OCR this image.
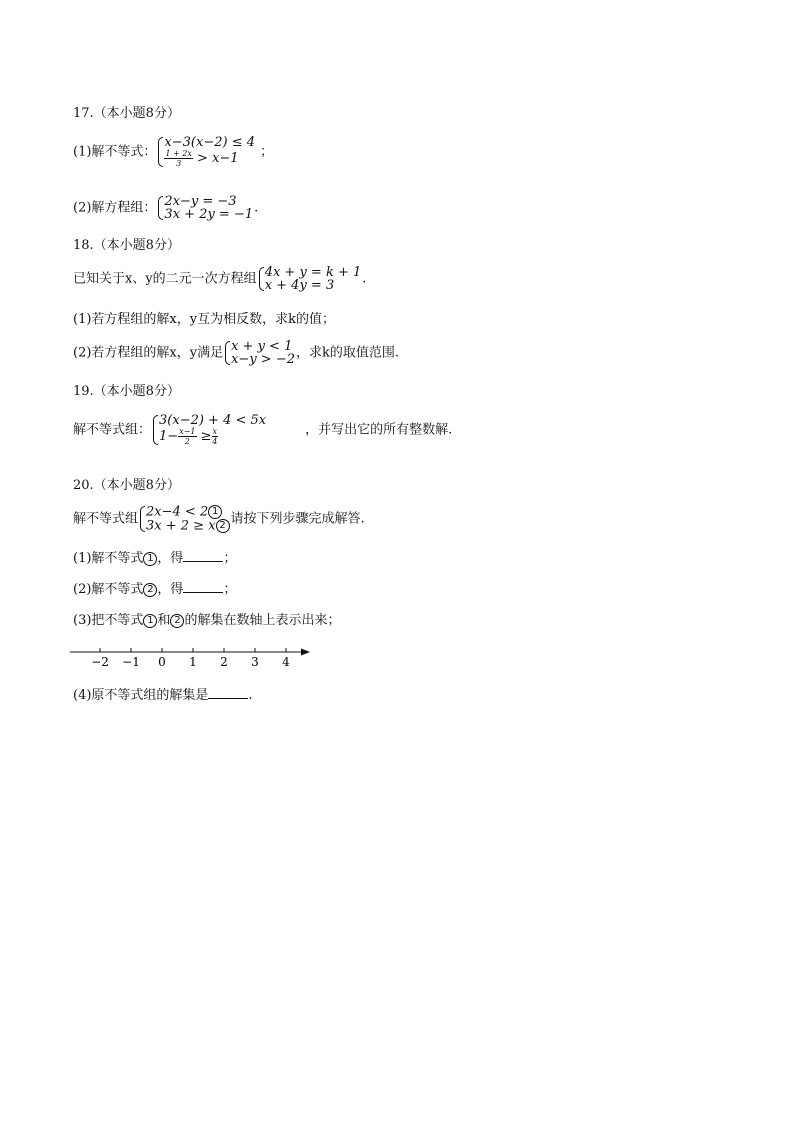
17.（本小题8分）
(1)解不等式：
x−3(x−2) ≤ 4
$\frac{1 + 2x}{3} > x-1$	；
(2)解方程组： 2x−y = −3
3x + 2y = −1 .
18.（本小题8分）
已知关于x、y的二元一次方程组 4x + y = k + 1
x + 4y = 3	.
(1)若方程组的解x，y互为相反数，求k的值；
(2)若方程组的解x，y满足 x + y < 1
x−y > −2 ，求k的取值范围.
19.（本小题8分）
解不等式组：
3(x−2) + 4 < 5x
$1- \frac{x-1}{2} \ge \frac{x}{4}$	，并写出它的所有整数解.
20.（本小题8分）
解不等式组 2x−4 < 2 1
3x + 2 ≥ x 2 请按下列步骤完成解答.
(1)解不等式 1 ，得	；
(2)解不等式 2 ，得	；
(3)把不等式 1 和 2 的解集在数轴上表示出来；
−2 −1 0 1 2 3 4
(4)原不等式组的解集是	.
